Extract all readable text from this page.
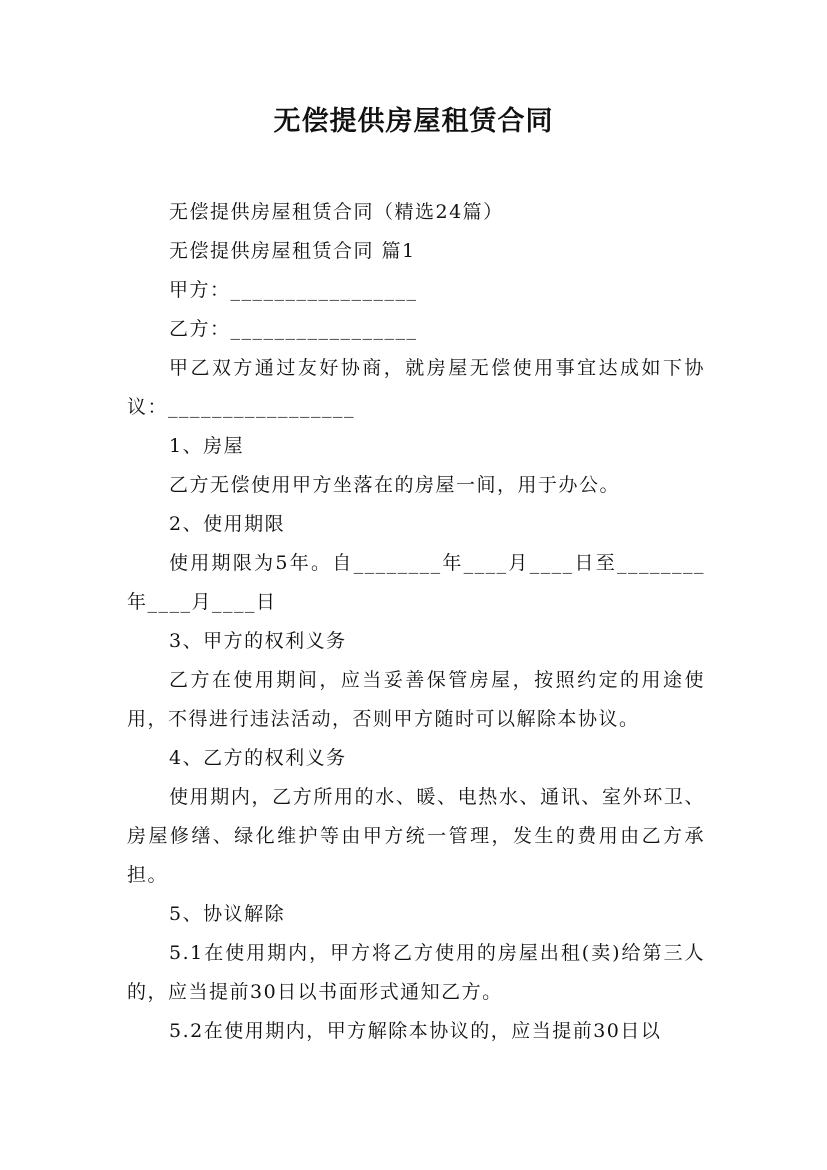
无偿提供房屋租赁合同

无偿提供房屋租赁合同（精选24篇）

无偿提供房屋租赁合同 篇1

甲方：_________________

乙方：_________________

甲乙双方通过友好协商，就房屋无偿使用事宜达成如下协议：_________________

1、房屋

乙方无偿使用甲方坐落在的房屋一间，用于办公。

2、使用期限

使用期限为5年。自________年____月____日至________年____月____日

3、甲方的权利义务

乙方在使用期间，应当妥善保管房屋，按照约定的用途使用，不得进行违法活动，否则甲方随时可以解除本协议。

4、乙方的权利义务

使用期内，乙方所用的水、暖、电热水、通讯、室外环卫、房屋修缮、绿化维护等由甲方统一管理，发生的费用由乙方承担。

5、协议解除

5.1在使用期内，甲方将乙方使用的房屋出租(卖)给第三人的，应当提前30日以书面形式通知乙方。

5.2在使用期内，甲方解除本协议的，应当提前30日以
